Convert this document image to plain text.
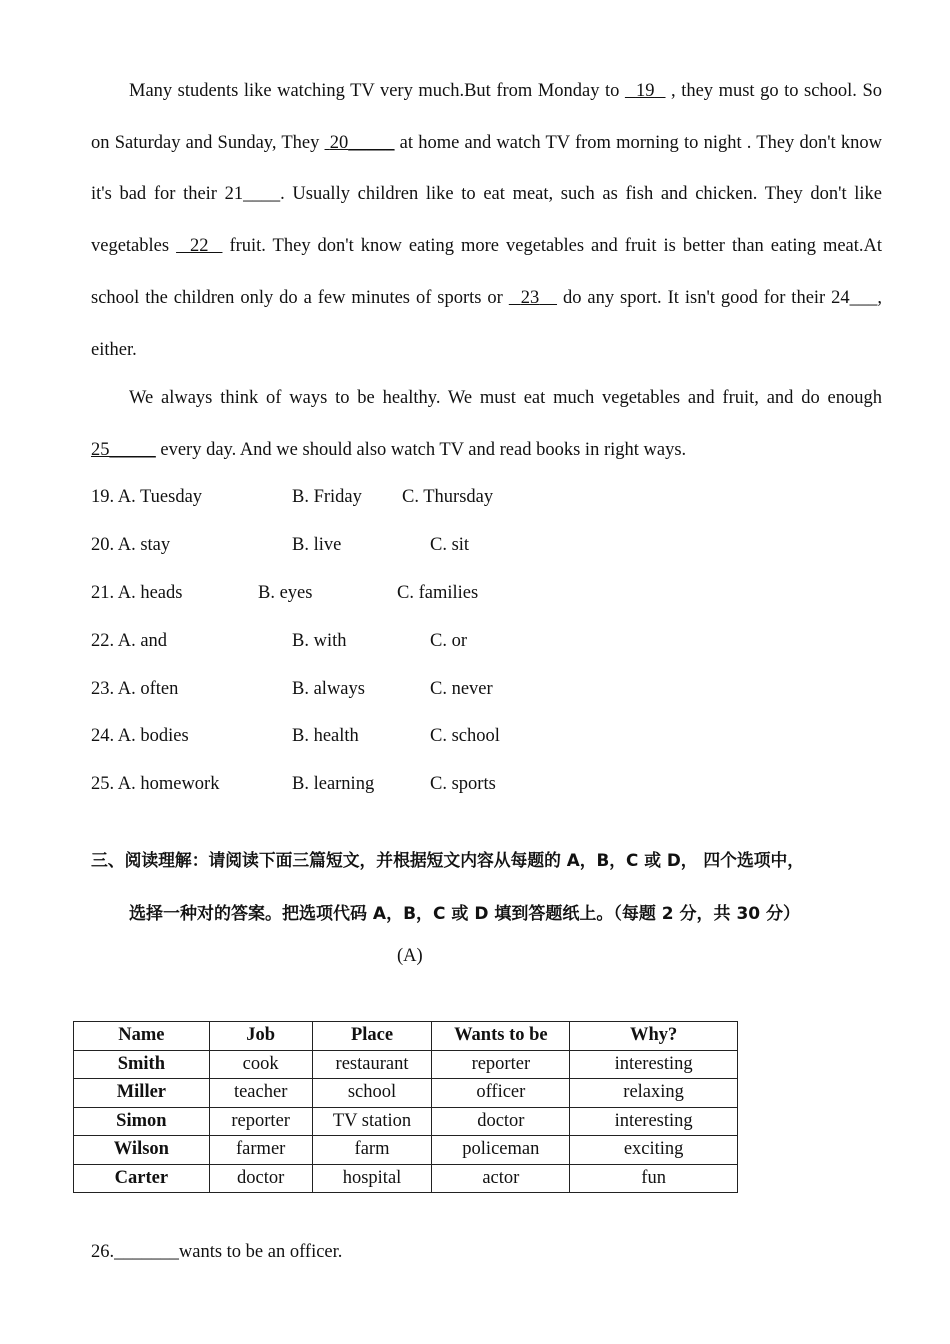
Many students like watching TV very much.But from Monday to   19 , they must go to school. So on Saturday and Sunday, They  20_____ at home and watch TV from morning to night . They don't know it's bad for their 21____. Usually children like to eat meat, such as fish and chicken. They don't like vegetables   22   fruit. They don't know eating more vegetables and fruit is better than eating meat.At school the children only do a few minutes of sports or   23    do any sport. It isn't good for their 24___, either.

We always think of ways to be healthy. We must eat much vegetables and fruit, and do enough 25_____ every day. And we should also watch TV and read books in right ways.

19. A. Tuesday	B. Friday C. Thursday
20. A. stay	B. live	C. sit
21. A. heads	B. eyes	C. families
22. A. and	B. with	C. or
23. A. often	B. always	C. never
24. A. bodies	B. health	C. school
25. A. homework	B. learning	C. sports
三、阅读理解：请阅读下面三篇短文，并根据短文内容从每题的 A，B，C 或 D， 四个选项中，
选择一种对的答案。把选项代码 A，B，C 或 D 填到答题纸上。（每题 2 分，共 30 分）
(A)
Name	Job	Place	Wants to be	Why?
Smith	cook	restaurant	reporter	interesting
Miller	teacher	school	officer	relaxing
Simon	reporter	TV station	doctor	interesting
Wilson	farmer	farm	policeman	exciting
Carter	doctor	hospital	actor	fun
26._______wants to be an officer.
